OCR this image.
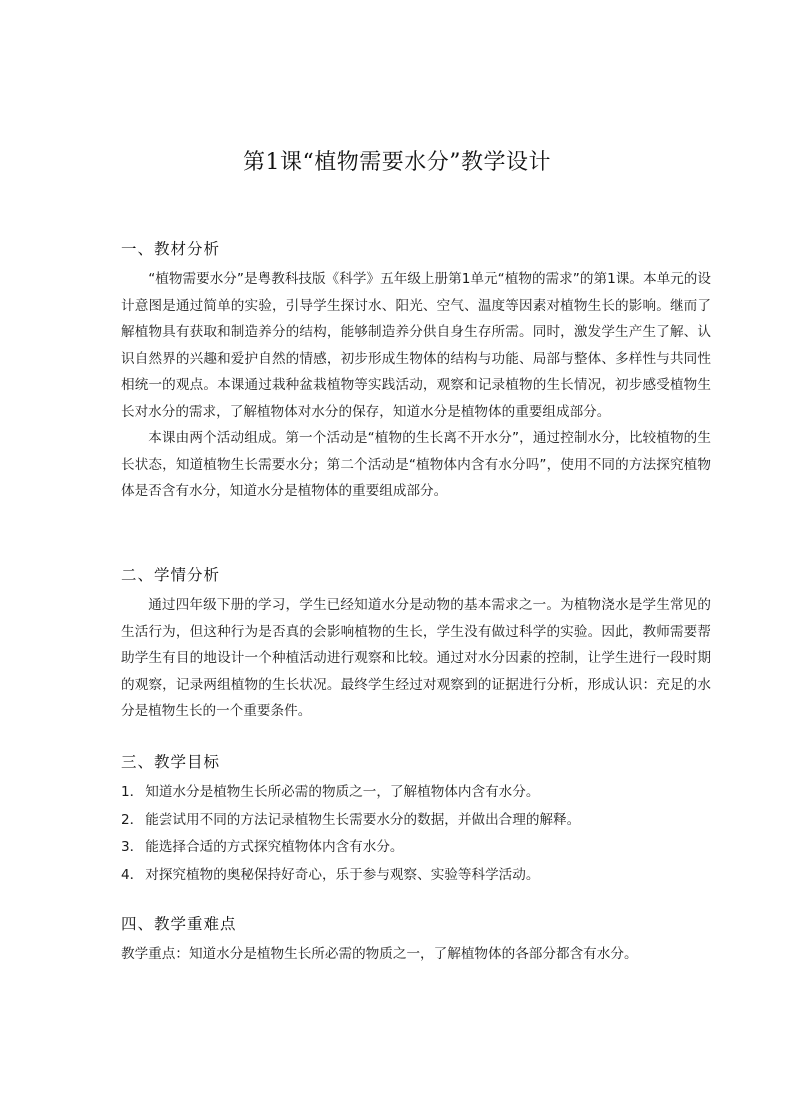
第1课“植物需要水分”教学设计
一、教材分析

“植物需要水分”是粤教科技版《科学》五年级上册第1单元“植物的需求”的第1课。本单元的设计意图是通过简单的实验，引导学生探讨水、阳光、空气、温度等因素对植物生长的影响。继而了解植物具有获取和制造养分的结构，能够制造养分供自身生存所需。同时，激发学生产生了解、认识自然界的兴趣和爱护自然的情感，初步形成生物体的结构与功能、局部与整体、多样性与共同性相统一的观点。本课通过栽种盆栽植物等实践活动，观察和记录植物的生长情况，初步感受植物生长对水分的需求，了解植物体对水分的保存，知道水分是植物体的重要组成部分。

本课由两个活动组成。第一个活动是“植物的生长离不开水分”，通过控制水分，比较植物的生长状态，知道植物生长需要水分；第二个活动是“植物体内含有水分吗”，使用不同的方法探究植物体是否含有水分，知道水分是植物体的重要组成部分。

二、学情分析

通过四年级下册的学习，学生已经知道水分是动物的基本需求之一。为植物浇水是学生常见的生活行为，但这种行为是否真的会影响植物的生长，学生没有做过科学的实验。因此，教师需要帮助学生有目的地设计一个种植活动进行观察和比较。通过对水分因素的控制，让学生进行一段时期的观察，记录两组植物的生长状况。最终学生经过对观察到的证据进行分析，形成认识：充足的水分是植物生长的一个重要条件。

三、教学目标
1． 知道水分是植物生长所必需的物质之一，了解植物体内含有水分。
2． 能尝试用不同的方法记录植物生长需要水分的数据，并做出合理的解释。
3． 能选择合适的方式探究植物体内含有水分。
4． 对探究植物的奥秘保持好奇心，乐于参与观察、实验等科学活动。
四、教学重难点

教学重点：知道水分是植物生长所必需的物质之一，了解植物体的各部分都含有水分。
